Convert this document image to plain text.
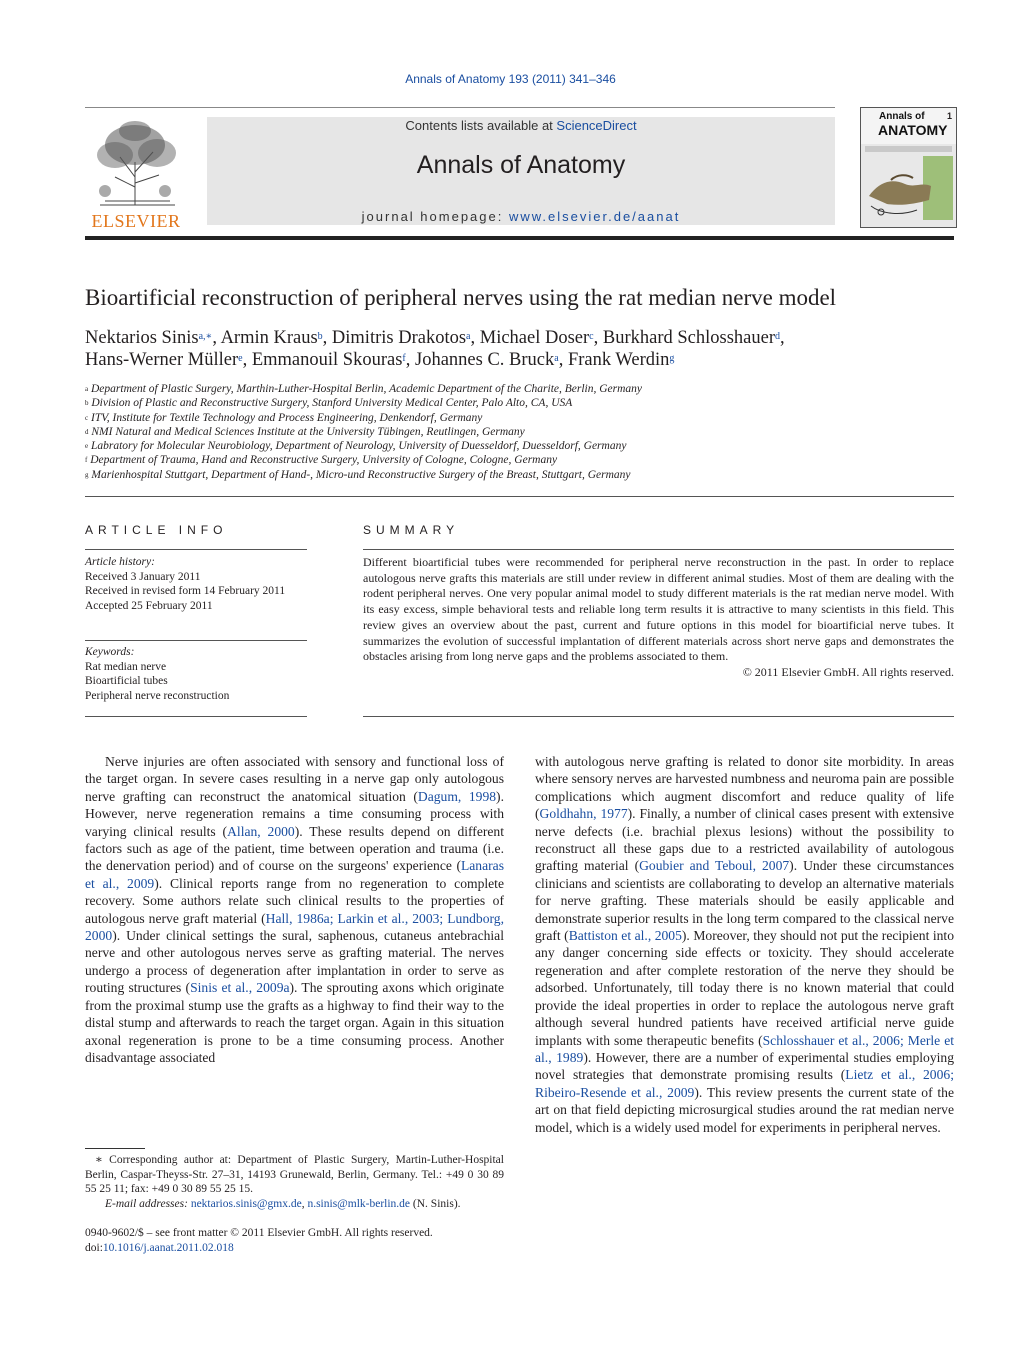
Annals of Anatomy 193 (2011) 341–346
ELSEVIER
Contents lists available at ScienceDirect
Annals of Anatomy
journal homepage: www.elsevier.de/aanat
Annals of 1
ANATOMY
Bioartificial reconstruction of peripheral nerves using the rat median nerve model
Nektarios Sinis$^{a,∗}$, Armin Kraus$^b$, Dimitris Drakotos$^a$, Michael Doser$^c$, Burkhard Schlosshauer$^d$,
Hans-Werner Müller$^e$, Emmanouil Skouras$^f$, Johannes C. Bruck$^a$, Frank Werdin$^g$
$^a$ Department of Plastic Surgery, Marthin-Luther-Hospital Berlin, Academic Department of the Charite, Berlin, Germany
$^b$ Division of Plastic and Reconstructive Surgery, Stanford University Medical Center, Palo Alto, CA, USA
$^c$ ITV, Institute for Textile Technology and Process Engineering, Denkendorf, Germany
$^d$ NMI Natural and Medical Sciences Institute at the University Tübingen, Reutlingen, Germany
$^e$ Labratory for Molecular Neurobiology, Department of Neurology, University of Duesseldorf, Duesseldorf, Germany
$^f$ Department of Trauma, Hand and Reconstructive Surgery, University of Cologne, Cologne, Germany
$^g$ Marienhospital Stuttgart, Department of Hand-, Micro-und Reconstructive Surgery of the Breast, Stuttgart, Germany
ARTICLE INFO
Article history:
Received 3 January 2011
Received in revised form 14 February 2011
Accepted 25 February 2011
Keywords:
Rat median nerve
Bioartificial tubes
Peripheral nerve reconstruction
SUMMARY
Different bioartificial tubes were recommended for peripheral nerve reconstruction in the past. In order to replace autologous nerve grafts this materials are still under review in different animal studies. Most of them are dealing with the rodent peripheral nerves. One very popular animal model to study different materials is the rat median nerve model. With its easy excess, simple behavioral tests and reliable long term results it is attractive to many scientists in this field. This review gives an overview about the past, current and future options in this model for bioartificial nerve tubes. It summarizes the evolution of successful implantation of different materials across short nerve gaps and demonstrates the obstacles arising from long nerve gaps and the problems associated to them.
© 2011 Elsevier GmbH. All rights reserved.

Nerve injuries are often associated with sensory and functional loss of the target organ. In severe cases resulting in a nerve gap only autologous nerve grafting can reconstruct the anatomical situation (Dagum, 1998). However, nerve regeneration remains a time consuming process with varying clinical results (Allan, 2000). These results depend on different factors such as age of the patient, time between operation and trauma (i.e. the denervation period) and of course on the surgeons' experience (Lanaras et al., 2009). Clinical reports range from no regeneration to complete recovery. Some authors relate such clinical results to the properties of autologous nerve graft material (Hall, 1986a; Larkin et al., 2003; Lundborg, 2000). Under clinical settings the sural, saphenous, cutaneus antebrachial nerve and other autologous nerves serve as grafting material. The nerves undergo a process of degeneration after implantation in order to serve as routing structures (Sinis et al., 2009a). The sprouting axons which originate from the proximal stump use the grafts as a highway to find their way to the distal stump and afterwards to reach the target organ. Again in this situation axonal regeneration is prone to be a time consuming process. Another disadvantage associated

with autologous nerve grafting is related to donor site morbidity. In areas where sensory nerves are harvested numbness and neuroma pain are possible complications which augment discomfort and reduce quality of life (Goldhahn, 1977). Finally, a number of clinical cases present with extensive nerve defects (i.e. brachial plexus lesions) without the possibility to reconstruct all these gaps due to a restricted availability of autologous grafting material (Goubier and Teboul, 2007). Under these circumstances clinicians and scientists are collaborating to develop an alternative materials for nerve grafting. These materials should be easily applicable and demonstrate superior results in the long term compared to the classical nerve graft (Battiston et al., 2005). Moreover, they should not put the recipient into any danger concerning side effects or toxicity. They should accelerate regeneration and after complete restoration of the nerve they should be adsorbed. Unfortunately, till today there is no known material that could provide the ideal properties in order to replace the autologous nerve graft although several hundred patients have received artificial nerve guide implants with some therapeutic benefits (Schlosshauer et al., 2006; Merle et al., 1989). However, there are a number of experimental studies employing novel strategies that demonstrate promising results (Lietz et al., 2006; Ribeiro-Resende et al., 2009). This review presents the current state of the art on that field depicting microsurgical studies around the rat median nerve model, which is a widely used model for experiments in peripheral nerves.

∗ Corresponding author at: Department of Plastic Surgery, Martin-Luther-Hospital Berlin, Caspar-Theyss-Str. 27–31, 14193 Grunewald, Berlin, Germany. Tel.: +49 0 30 89 55 25 11; fax: +49 0 30 89 55 25 15.
E-mail addresses: nektarios.sinis@gmx.de, n.sinis@mlk-berlin.de (N. Sinis).
0940-9602/$ – see front matter © 2011 Elsevier GmbH. All rights reserved.
doi:10.1016/j.aanat.2011.02.018
